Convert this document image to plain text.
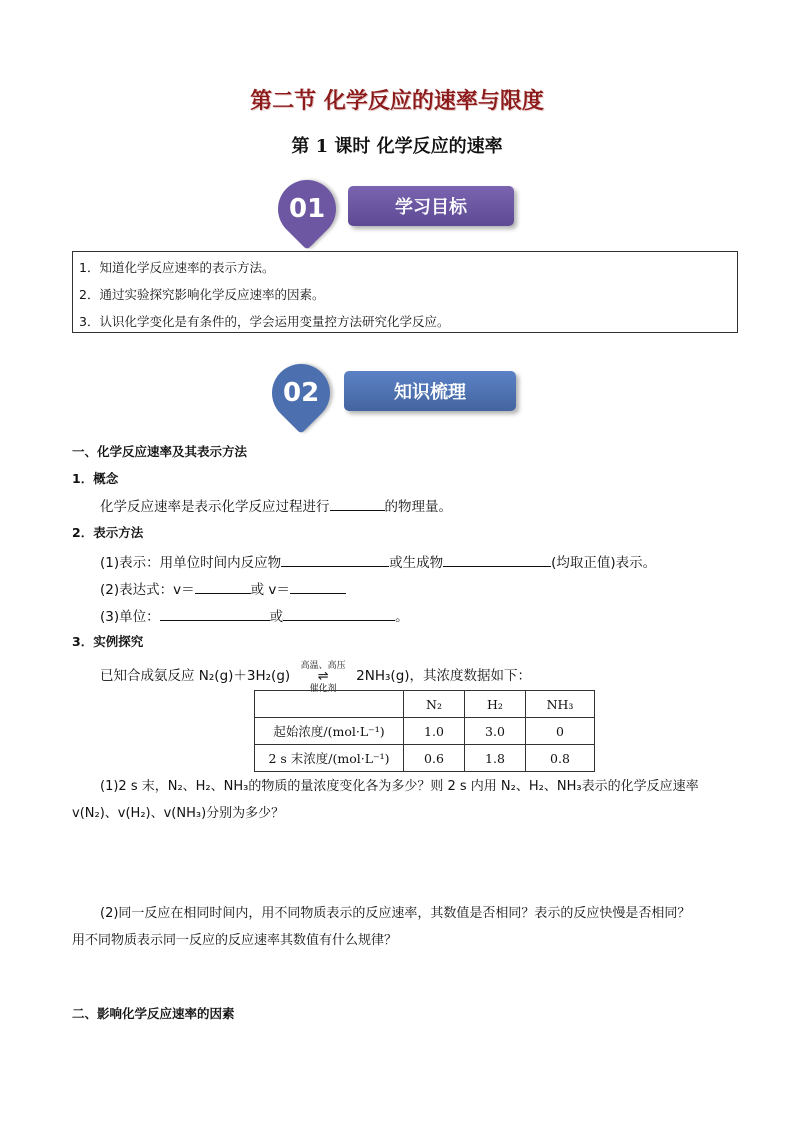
第二节 化学反应的速率与限度
第 1 课时 化学反应的速率
01	学习目标
1．知道化学反应速率的表示方法。
2．通过实验探究影响化学反应速率的因素。
3．认识化学变化是有条件的，学会运用变量控方法研究化学反应。
02	知识梳理
一、化学反应速率及其表示方法
1．概念
化学反应速率是表示化学反应过程进行	的物理量。
2．表示方法
(1)表示：用单位时间内反应物	或生成物	(均取正值)表示。
(2)表达式：v＝	或 v＝
(3)单位：	或	。
3．实例探究
已知合成氨反应 N₂(g)＋3H₂(g)
高温、高压
⇌
催化剂
2NH₃(g)，其浓度数据如下：
	N₂	H₂	NH₃
起始浓度/(mol·L⁻¹)	1.0	3.0	0
2 s 末浓度/(mol·L⁻¹)	0.6	1.8	0.8
(1)2 s 末，N₂、H₂、NH₃的物质的量浓度变化各为多少？则 2 s 内用 N₂、H₂、NH₃表示的化学反应速率
v(N₂)、v(H₂)、v(NH₃)分别为多少？
(2)同一反应在相同时间内，用不同物质表示的反应速率，其数值是否相同？表示的反应快慢是否相同？
用不同物质表示同一反应的反应速率其数值有什么规律？
二、影响化学反应速率的因素
